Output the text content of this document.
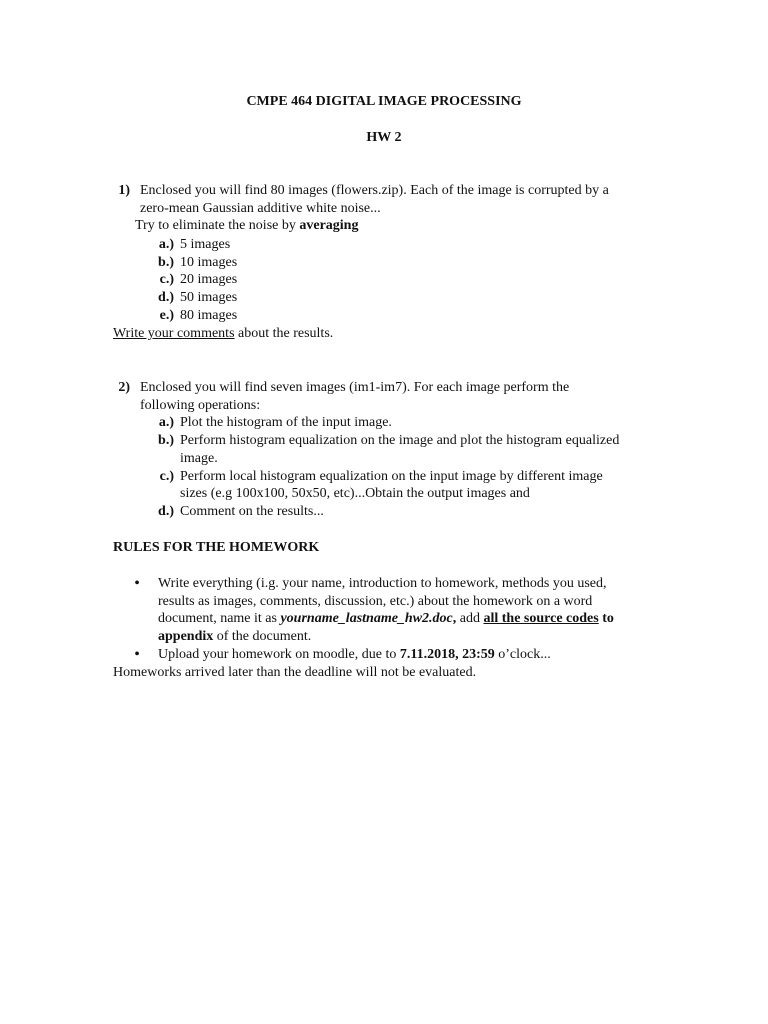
CMPE 464 DIGITAL IMAGE PROCESSING
HW 2
1) Enclosed you will find 80 images (flowers.zip). Each of the image is corrupted by a
zero-mean Gaussian additive white noise...
Try to eliminate the noise by averaging
a.) 5 images
b.) 10 images
c.) 20 images
d.) 50 images
e.) 80 images
Write your comments about the results.
2) Enclosed you will find seven images (im1-im7). For each image perform the
following operations:
a.) Plot the histogram of the input image.
b.) Perform histogram equalization on the image and plot the histogram equalized
image.
c.) Perform local histogram equalization on the input image by different image
sizes (e.g 100x100, 50x50, etc)...Obtain the output images and
d.) Comment on the results...
RULES FOR THE HOMEWORK
• Write everything (i.g. your name, introduction to homework, methods you used,
results as images, comments, discussion, etc.) about the homework on a word
document, name it as yourname_lastname_hw2.doc, add all the source codes to
appendix of the document.
• Upload your homework on moodle, due to 7.11.2018, 23:59 o’clock...
Homeworks arrived later than the deadline will not be evaluated.
